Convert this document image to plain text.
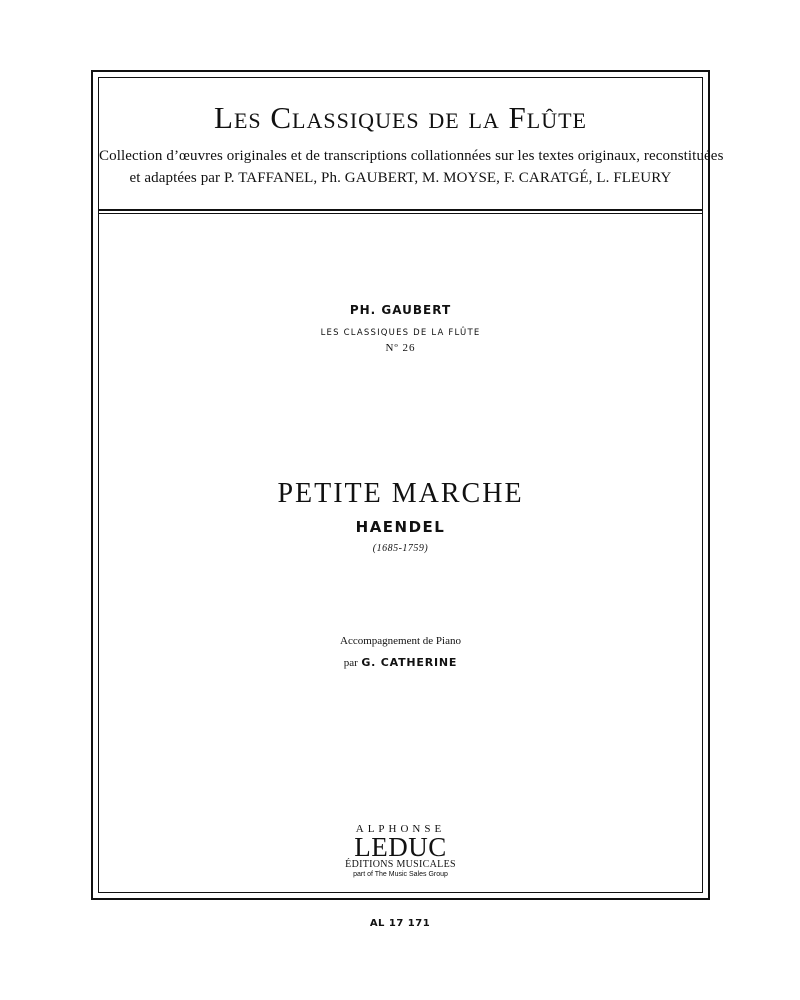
Les Classiques de la Flûte
Collection d’œuvres originales et de transcriptions collationnées sur les textes originaux, reconstituées
et adaptées par P. TAFFANEL, Ph. GAUBERT, M. MOYSE, F. CARATGÉ, L. FLEURY
PH. GAUBERT
LES CLASSIQUES DE LA FLÛTE
Nº 26
PETITE MARCHE
HAENDEL
(1685-1759)
Accompagnement de Piano
par G. CATHERINE
ALPHONSE
LEDUC
ÉDITIONS MUSICALES
part of The Music Sales Group
AL 17 171
